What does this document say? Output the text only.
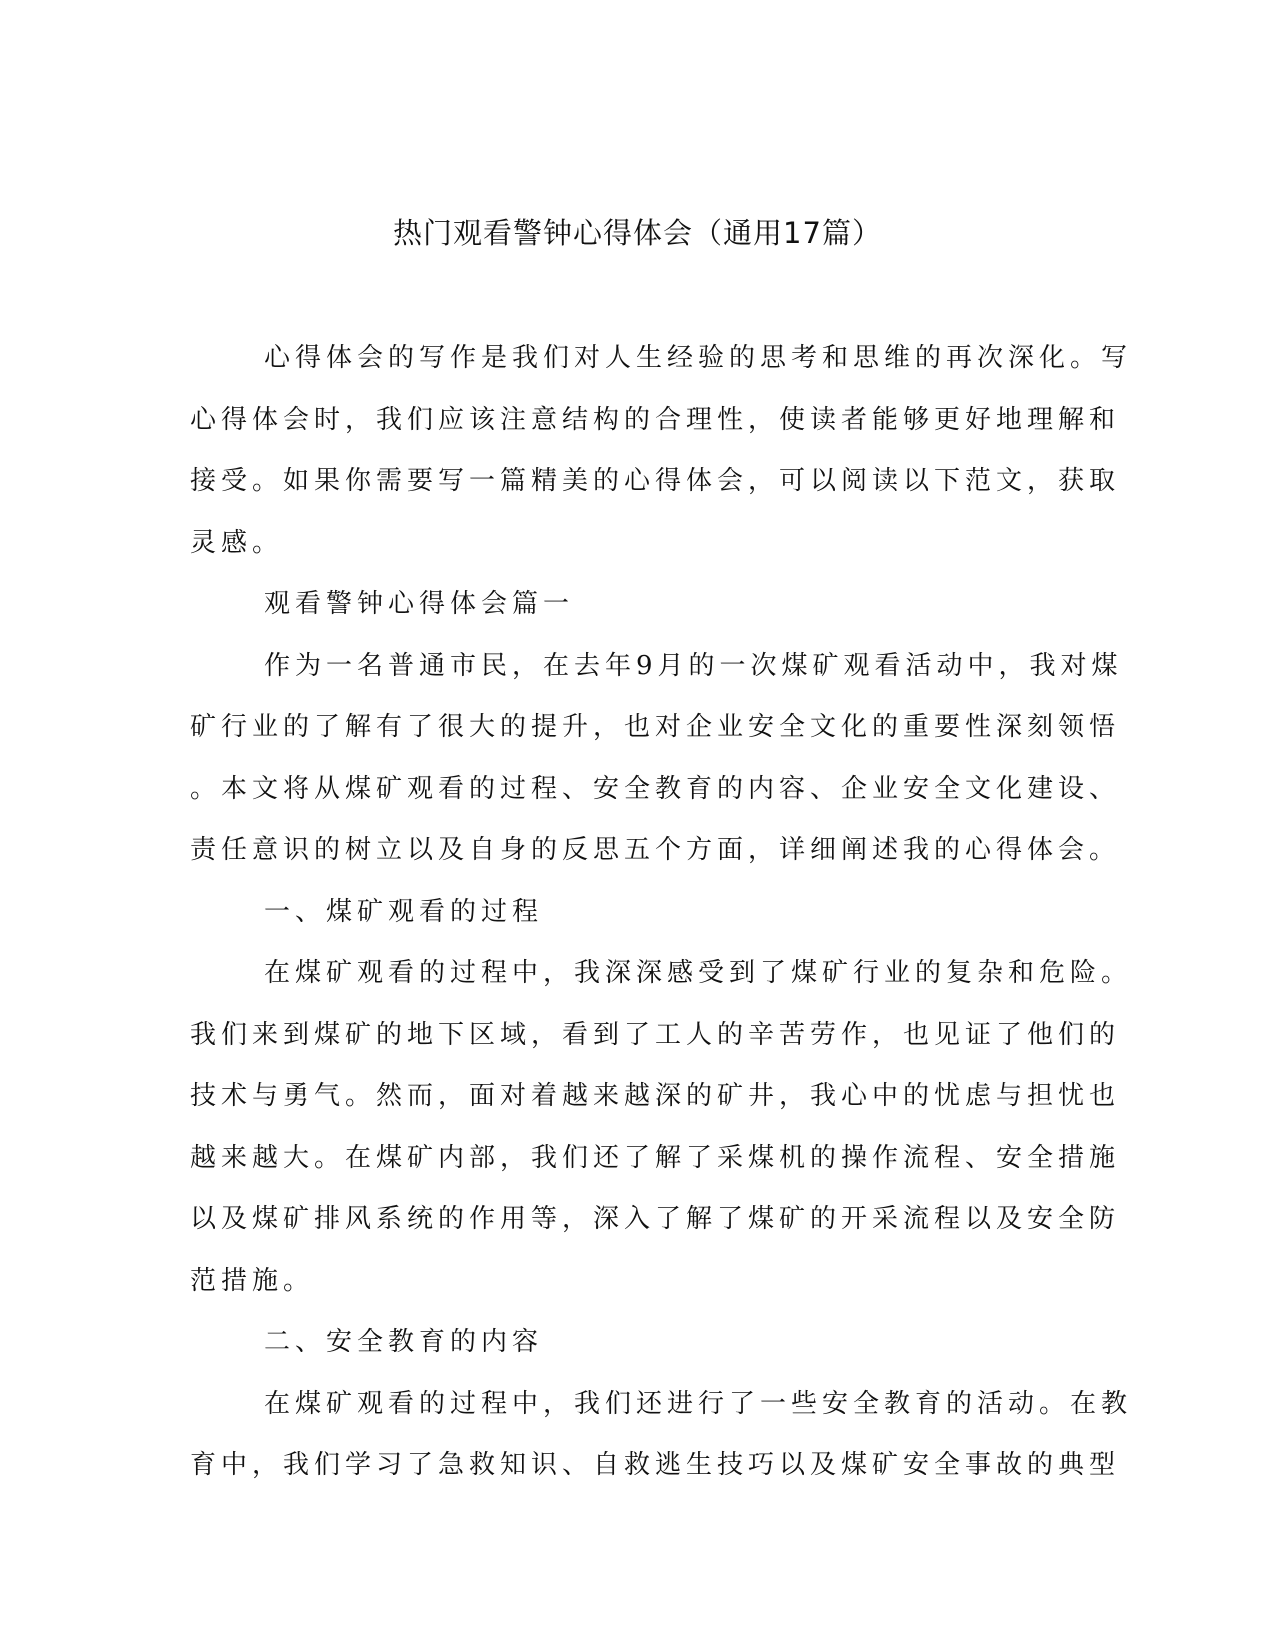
热门观看警钟心得体会（通用17篇）

心得体会的写作是我们对人生经验的思考和思维的再次深化。写

心得体会时，我们应该注意结构的合理性，使读者能够更好地理解和

接受。如果你需要写一篇精美的心得体会，可以阅读以下范文，获取

灵感。

观看警钟心得体会篇一

作为一名普通市民，在去年9月的一次煤矿观看活动中，我对煤

矿行业的了解有了很大的提升，也对企业安全文化的重要性深刻领悟

。本文将从煤矿观看的过程、安全教育的内容、企业安全文化建设、

责任意识的树立以及自身的反思五个方面，详细阐述我的心得体会。

一、煤矿观看的过程

在煤矿观看的过程中，我深深感受到了煤矿行业的复杂和危险。

我们来到煤矿的地下区域，看到了工人的辛苦劳作，也见证了他们的

技术与勇气。然而，面对着越来越深的矿井，我心中的忧虑与担忧也

越来越大。在煤矿内部，我们还了解了采煤机的操作流程、安全措施

以及煤矿排风系统的作用等，深入了解了煤矿的开采流程以及安全防

范措施。

二、安全教育的内容

在煤矿观看的过程中，我们还进行了一些安全教育的活动。在教

育中，我们学习了急救知识、自救逃生技巧以及煤矿安全事故的典型
